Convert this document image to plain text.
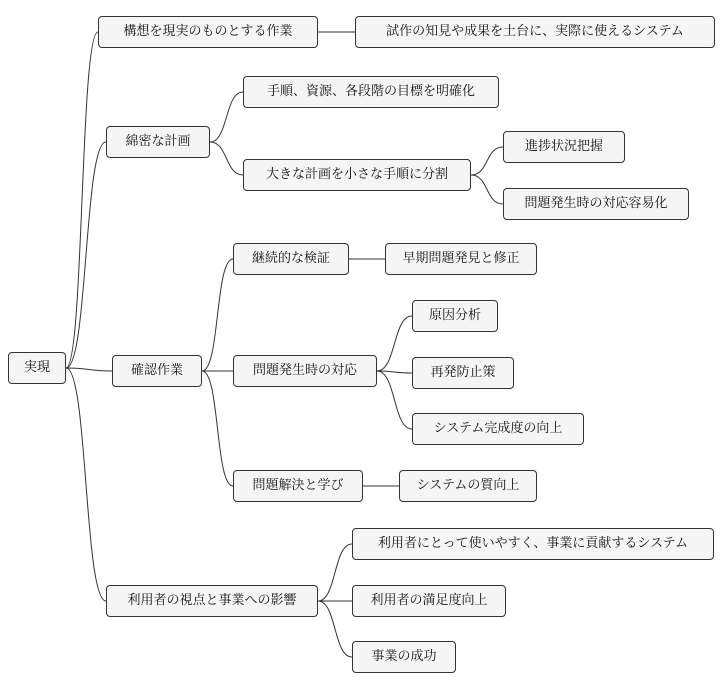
実現
構想を現実のものとする作業	試作の知見や成果を土台に、実際に使えるシステム
綿密な計画
手順、資源、各段階の目標を明確化
大きな計画を小さな手順に分割
進捗状況把握
問題発生時の対応容易化
確認作業
継続的な検証	早期問題発見と修正
問題発生時の対応
原因分析
再発防止策
システム完成度の向上
問題解決と学び	システムの質向上
利用者の視点と事業への影響
利用者にとって使いやすく、事業に貢献するシステム
利用者の満足度向上
事業の成功
